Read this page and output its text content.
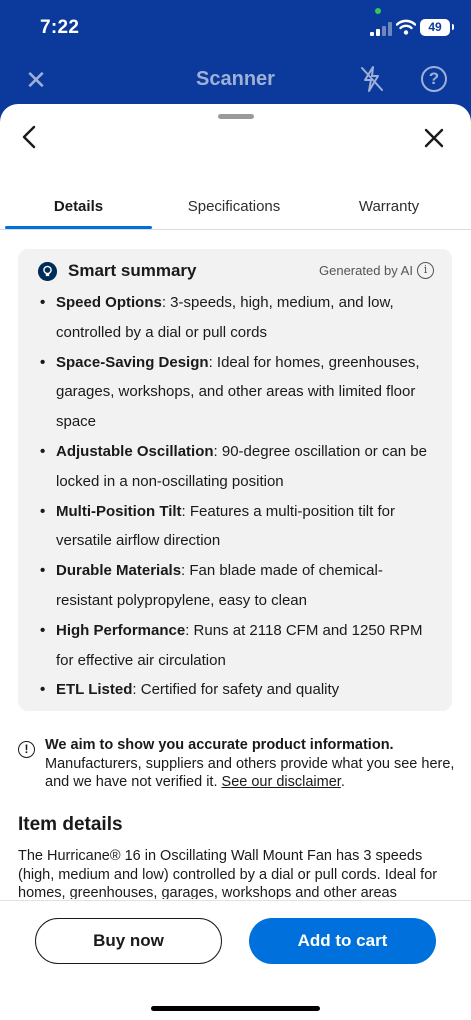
7:22	49
✕	Scanner	?
Details	Specifications	Warranty
Smart summary	Generated by AI i
• Speed Options: 3-speeds, high, medium, and low, controlled by a dial or pull cords
• Space-Saving Design: Ideal for homes, greenhouses, garages, workshops, and other areas with limited floor space
• Adjustable Oscillation: 90-degree oscillation or can be locked in a non-oscillating position
• Multi-Position Tilt: Features a multi-position tilt for versatile airflow direction
• Durable Materials: Fan blade made of chemical-resistant polypropylene, easy to clean
• High Performance: Runs at 2118 CFM and 1250 RPM for effective air circulation
• ETL Listed: Certified for safety and quality
!	We aim to show you accurate product information. Manufacturers, suppliers and others provide what you see here, and we have not verified it. See our disclaimer.

Item details

The Hurricane® 16 in Oscillating Wall Mount Fan has 3 speeds (high, medium and low) controlled by a dial or pull cords. Ideal for homes, greenhouses, garages, workshops and other areas

Buy now	Add to cart
